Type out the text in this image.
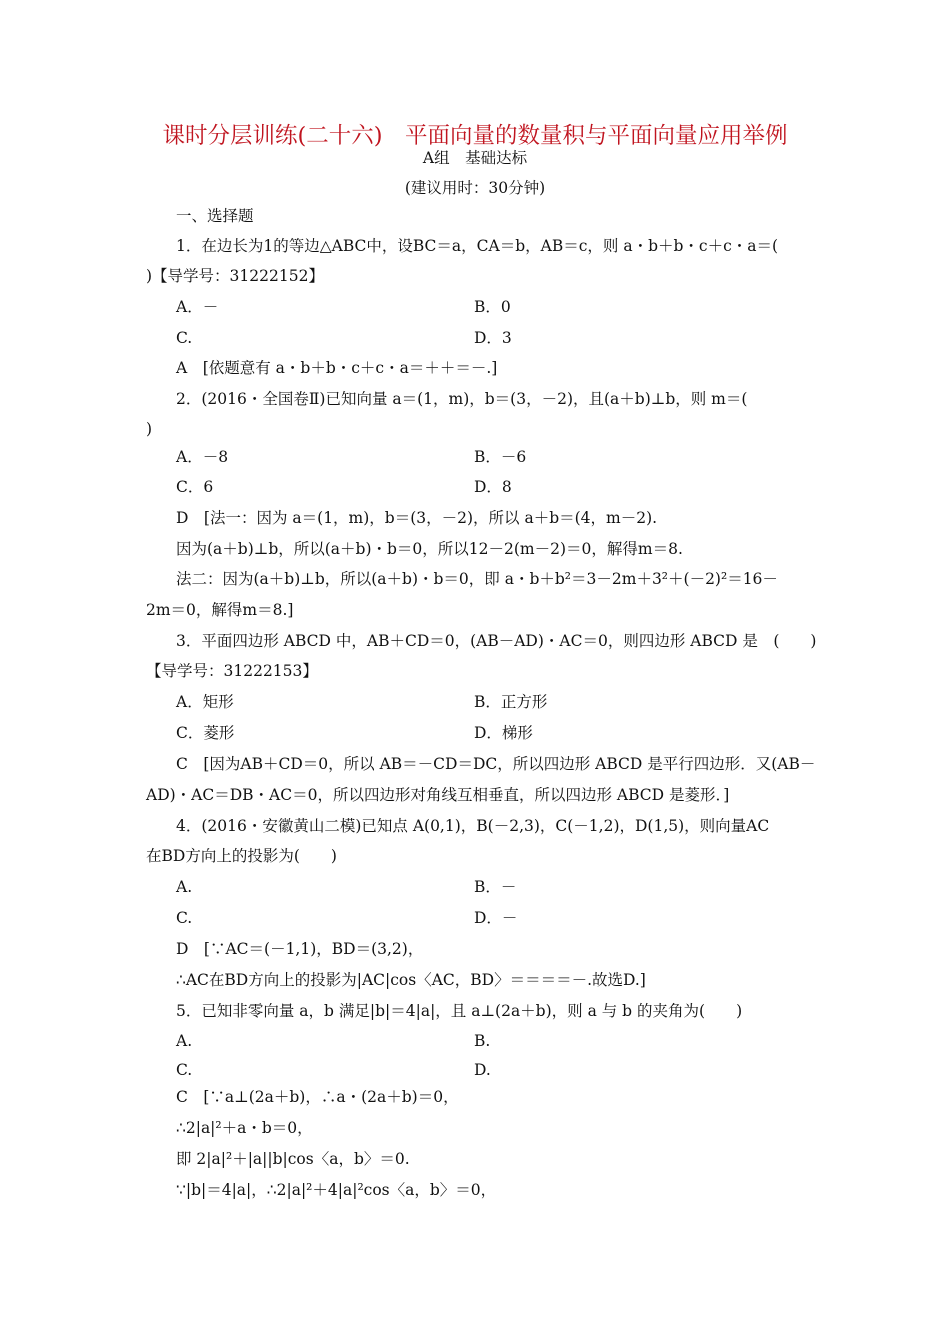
课时分层训练(二十六)　平面向量的数量积与平面向量应用举例
A组　基础达标
(建议用时：30分钟)
一、选择题
1．在边长为1的等边△ABC中，设BC＝a，CA＝b，AB＝c，则 a・b＋b・c＋c・a＝(
)【导学号：31222152】
A．－	B．0
C.	D．3
A　[依题意有 a・b＋b・c＋c・a＝＋＋＝－.]
2．(2016・全国卷Ⅱ)已知向量 a＝(1，m)，b＝(3，－2)，且(a＋b)⊥b，则 m＝(
)
A．－8	B．－6
C．6	D．8
D　[法一：因为 a＝(1，m)，b＝(3，－2)，所以 a＋b＝(4，m－2).
因为(a＋b)⊥b，所以(a＋b)・b＝0，所以12－2(m－2)＝0，解得m＝8.
法二：因为(a＋b)⊥b，所以(a＋b)・b＝0，即 a・b＋b²＝3－2m＋3²＋(－2)²＝16－
2m＝0，解得m＝8.]
3．平面四边形 ABCD 中，AB＋CD＝0，(AB－AD)・AC＝0，则四边形 ABCD 是　(　　)
【导学号：31222153】
A．矩形	B．正方形
C．菱形	D．梯形
C　[因为AB＋CD＝0，所以 AB＝－CD＝DC，所以四边形 ABCD 是平行四边形．又(AB－
AD)・AC＝DB・AC＝0，所以四边形对角线互相垂直，所以四边形 ABCD 是菱形．]
4．(2016・安徽黄山二模)已知点 A(0,1)，B(－2,3)，C(－1,2)，D(1,5)，则向量AC
在BD方向上的投影为(　　)
A.	B．－
C.	D．－
D　[∵AC＝(－1,1)，BD＝(3,2)，
∴AC在BD方向上的投影为|AC|cos〈AC，BD〉＝＝＝＝－.故选D.]
5．已知非零向量 a，b 满足|b|＝4|a|，且 a⊥(2a＋b)，则 a 与 b 的夹角为(　　)
A.	B.
C.	D.
C　[∵a⊥(2a＋b)，∴a・(2a＋b)＝0，
∴2|a|²＋a・b＝0，
即 2|a|²＋|a||b|cos〈a，b〉＝0.
∵|b|＝4|a|，∴2|a|²＋4|a|²cos〈a，b〉＝0，
